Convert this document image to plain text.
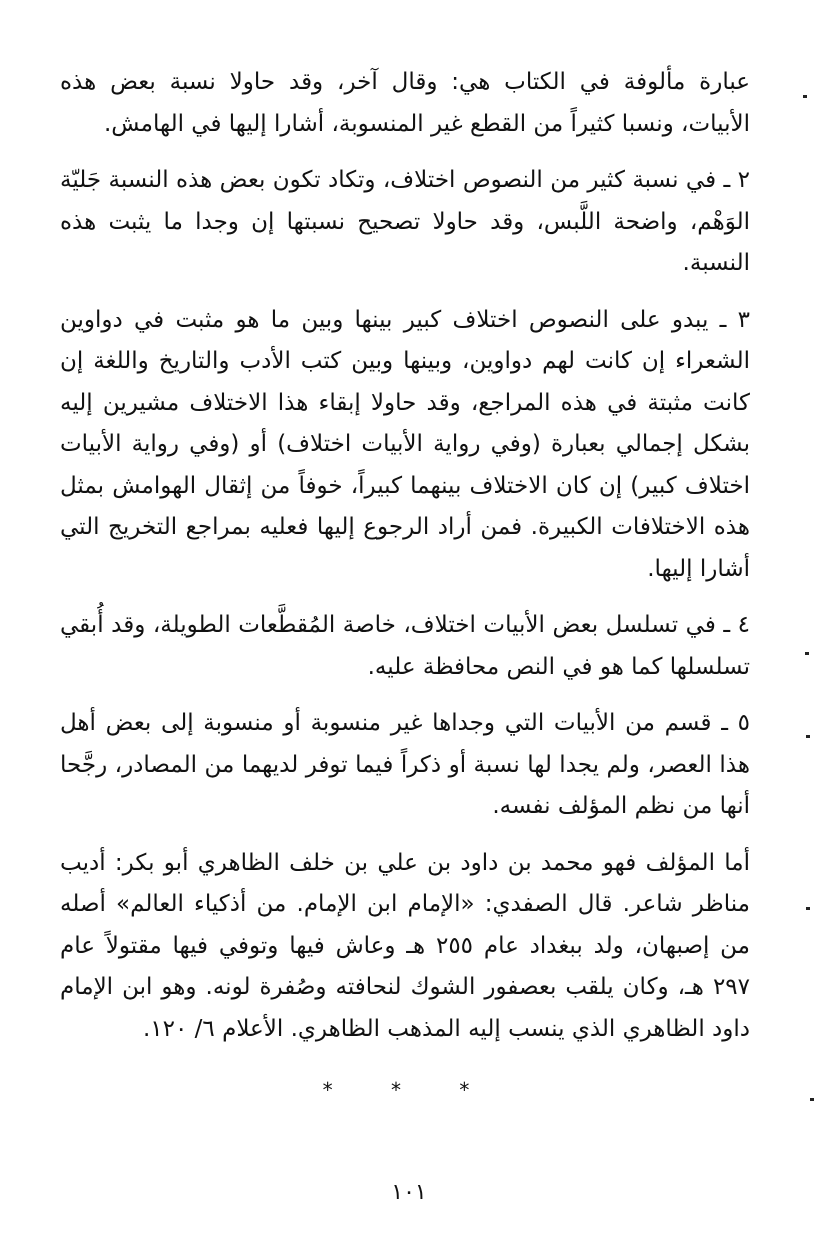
عبارة مألوفة في الكتاب هي: وقال آخر، وقد حاولا نسبة بعض هذه الأبيات، ونسبا كثيراً من القطع غير المنسوبة، أشارا إليها في الهامش.

٢ ـ في نسبة كثير من النصوص اختلاف، وتكاد تكون بعض هذه النسبة جَليّة الوَهْم، واضحة اللَّبس، وقد حاولا تصحيح نسبتها إن وجدا ما يثبت هذه النسبة.

٣ ـ يبدو على النصوص اختلاف كبير بينها وبين ما هو مثبت في دواوين الشعراء إن كانت لهم دواوين، وبينها وبين كتب الأدب والتاريخ واللغة إن كانت مثبتة في هذه المراجع، وقد حاولا إبقاء هذا الاختلاف مشيرين إليه بشكل إجمالي بعبارة (وفي رواية الأبيات اختلاف) أو (وفي رواية الأبيات اختلاف كبير) إن كان الاختلاف بينهما كبيراً، خوفاً من إثقال الهوامش بمثل هذه الاختلافات الكبيرة. فمن أراد الرجوع إليها فعليه بمراجع التخريج التي أشارا إليها.

٤ ـ في تسلسل بعض الأبيات اختلاف، خاصة المُقطَّعات الطويلة، وقد أُبقي تسلسلها كما هو في النص محافظة عليه.

٥ ـ قسم من الأبيات التي وجداها غير منسوبة أو منسوبة إلى بعض أهل هذا العصر، ولم يجدا لها نسبة أو ذكراً فيما توفر لديهما من المصادر، رجَّحا أنها من نظم المؤلف نفسه.

أما المؤلف فهو محمد بن داود بن علي بن خلف الظاهري أبو بكر: أديب مناظر شاعر. قال الصفدي: «الإمام ابن الإمام. من أذكياء العالم» أصله من إصبهان، ولد ببغداد عام ٢٥٥ هـ وعاش فيها وتوفي فيها مقتولاً عام ٢٩٧ هـ، وكان يلقب بعصفور الشوك لنحافته وصُفرة لونه. وهو ابن الإمام داود الظاهري الذي ينسب إليه المذهب الظاهري. الأعلام ٦/ ١٢٠.

* * *
١٠١
